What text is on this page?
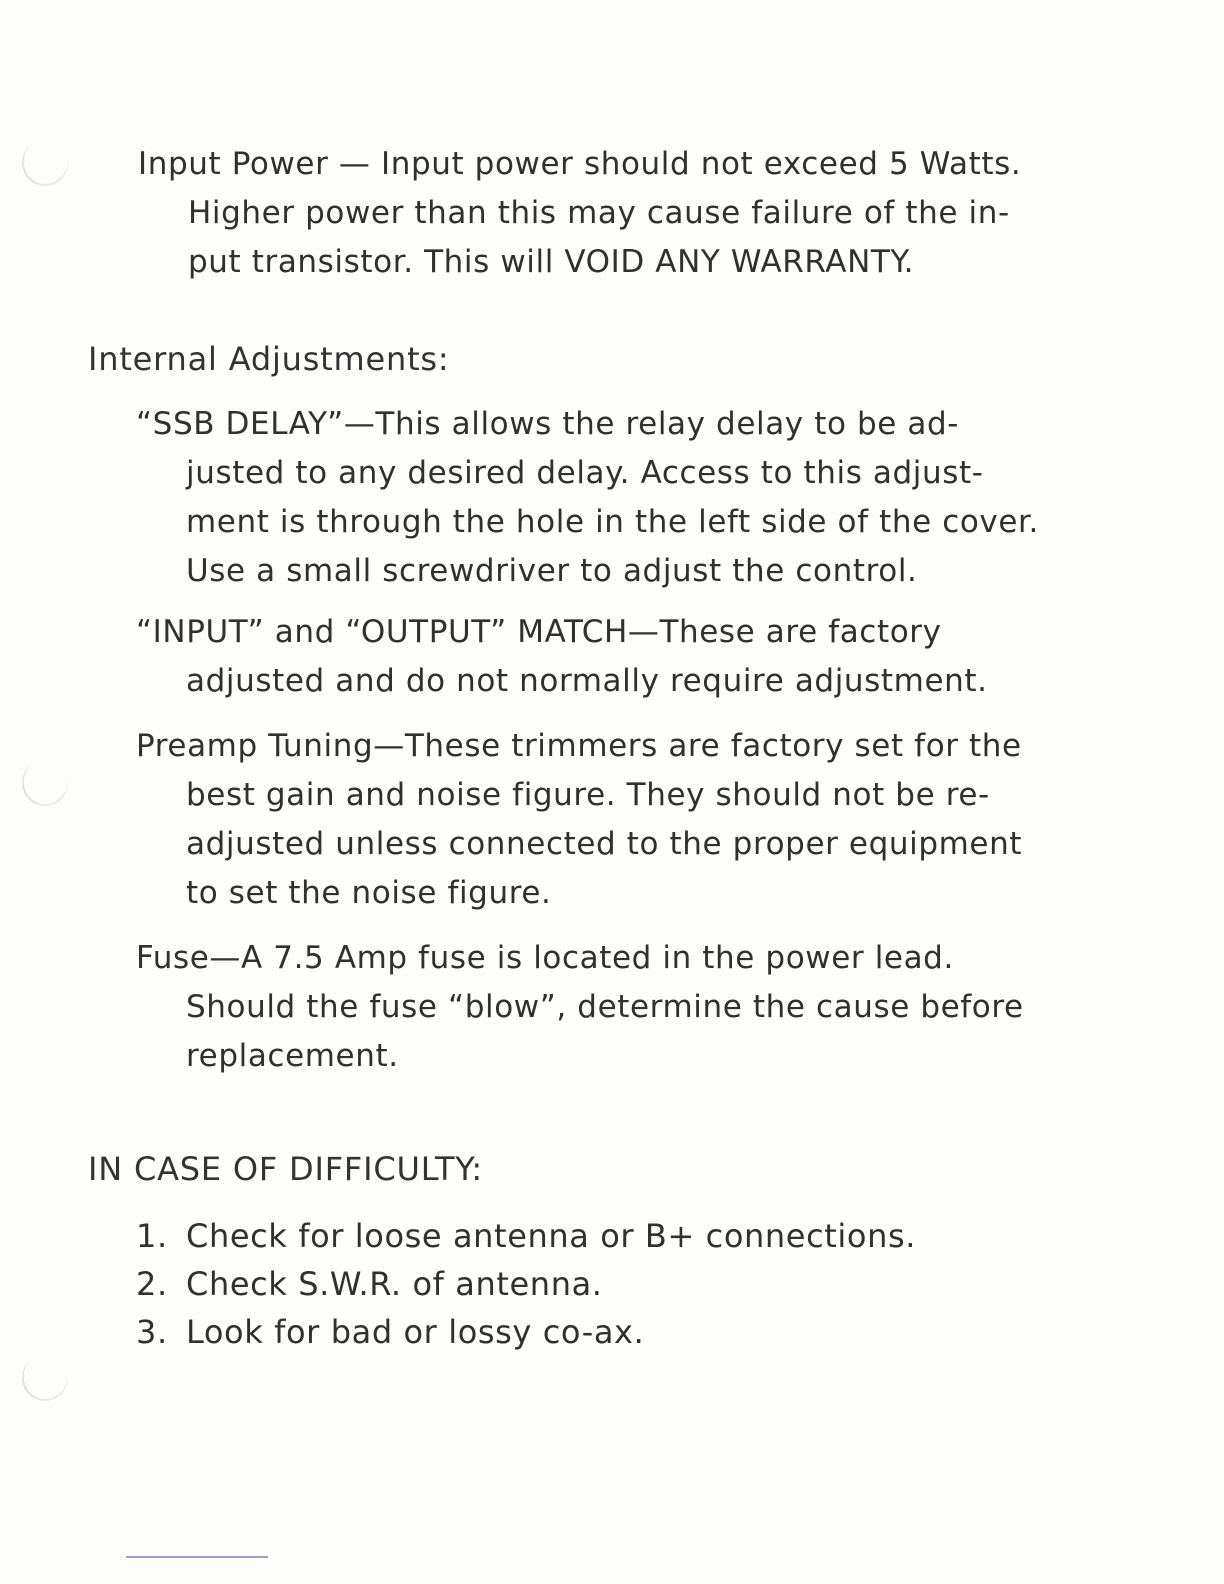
Input Power — Input power should not exceed 5 Watts.
Higher power than this may cause failure of the in-
put transistor. This will VOID ANY WARRANTY.
Internal Adjustments:
“SSB DELAY”—This allows the relay delay to be ad-
justed to any desired delay. Access to this adjust-
ment is through the hole in the left side of the cover.
Use a small screwdriver to adjust the control.
“INPUT” and “OUTPUT” MATCH—These are factory
adjusted and do not normally require adjustment.
Preamp Tuning—These trimmers are factory set for the
best gain and noise figure. They should not be re-
adjusted unless connected to the proper equipment
to set the noise figure.
Fuse—A 7.5 Amp fuse is located in the power lead.
Should the fuse “blow”, determine the cause before
replacement.
IN CASE OF DIFFICULTY:
1. Check for loose antenna or B+ connections.
2. Check S.W.R. of antenna.
3. Look for bad or lossy co-ax.
